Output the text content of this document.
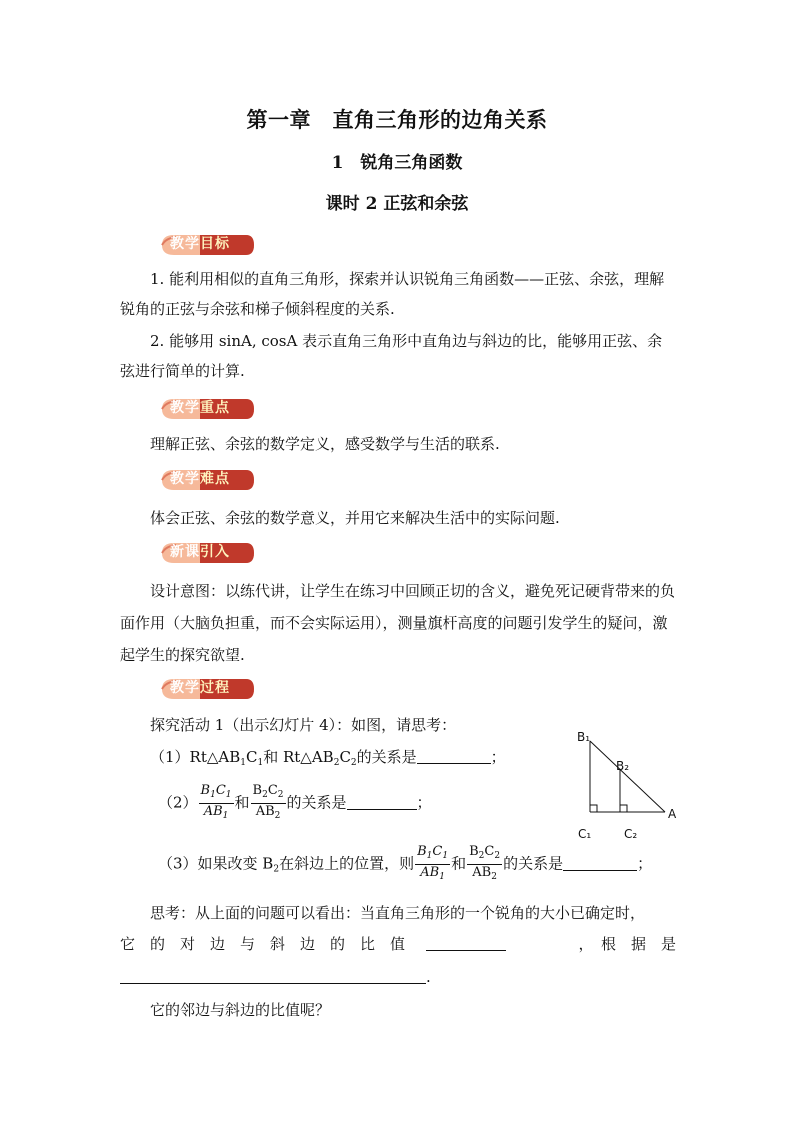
第一章　直角三角形的边角关系
1　锐角三角函数
课时 2 正弦和余弦
教学目标

1. 能利用相似的直角三角形，探索并认识锐角三角函数——正弦、余弦，理解锐角的正弦与余弦和梯子倾斜程度的关系.

2. 能够用 sinA, cosA 表示直角三角形中直角边与斜边的比，能够用正弦、余弦进行简单的计算.

教学重点

理解正弦、余弦的数学定义，感受数学与生活的联系.

教学难点

体会正弦、余弦的数学意义，并用它来解决生活中的实际问题.

新课引入

设计意图：以练代讲，让学生在练习中回顾正切的含义，避免死记硬背带来的负面作用（大脑负担重，而不会实际运用），测量旗杆高度的问题引发学生的疑问，激起学生的探究欲望.

教学过程
探究活动 1（出示幻灯片 4）：如图，请思考：
$(1)Rt\triangle AB_1C_1$和 $Rt\triangle AB_2C_2$的关系是	；
$(2) \frac{B_1C_1}{AB_1}$ 和 $\frac{B_2C_2}{AB_2}$ 的关系是	；
（3）如果改变 $B_2$在斜边上的位置，则 $\frac{B_1C_1}{AB_1}$ 和 $\frac{B_2C_2}{AB_2}$ 的关系是	；
思考：从上面的问题可以看出：当直角三角形的一个锐角的大小已确定时，
它　的　对　边　与　斜　边　的　比　值	，　根　据　是
.
它的邻边与斜边的比值呢？
B₁
B₂
A
C₁	C₂
